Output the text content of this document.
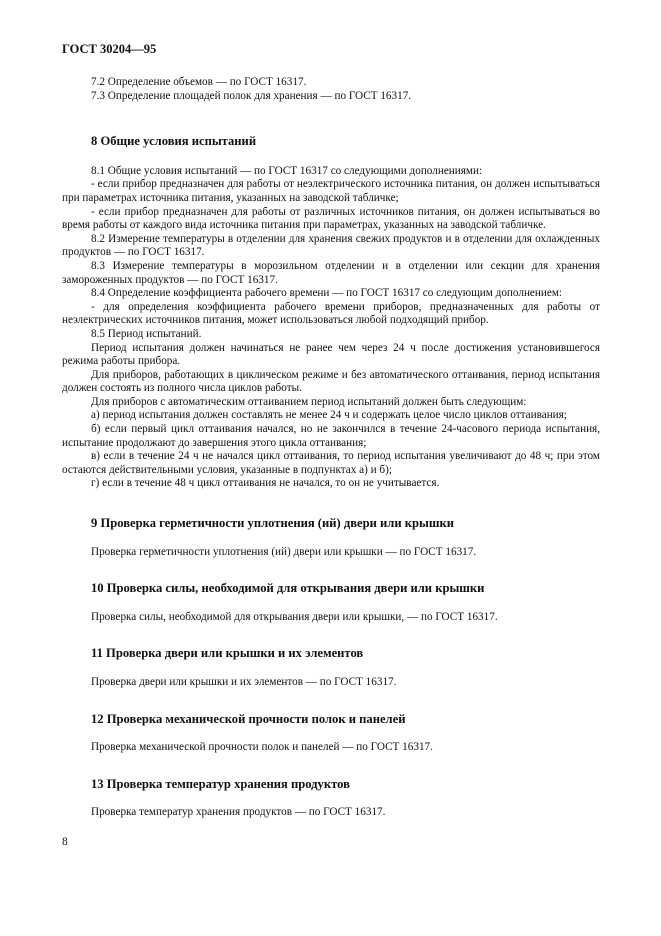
ГОСТ 30204—95

7.2 Определение объемов — по ГОСТ 16317.

7.3 Определение площадей полок для хранения — по ГОСТ 16317.

8 Общие условия испытаний

8.1 Общие условия испытаний — по ГОСТ 16317 со следующими дополнениями:

- если прибор предназначен для работы от неэлектрического источника питания, он должен испытываться при параметрах источника питания, указанных на заводской табличке;

- если прибор предназначен для работы от различных источников питания, он должен испытываться во время работы от каждого вида источника питания при параметрах, указанных на заводской табличке.

8.2 Измерение температуры в отделении для хранения свежих продуктов и в отделении для охлажденных продуктов — по ГОСТ 16317.

8.3 Измерение температуры в морозильном отделении и в отделении или секции для хранения замороженных продуктов — по ГОСТ 16317.

8.4 Определение коэффициента рабочего времени — по ГОСТ 16317 со следующим дополнением:

- для определения коэффициента рабочего времени приборов, предназначенных для работы от неэлектрических источников питания, может использоваться любой подходящий прибор.

8.5 Период испытаний.

Период испытания должен начинаться не ранее чем через 24 ч после достижения установившегося режима работы прибора.

Для приборов, работающих в циклическом режиме и без автоматического оттаивания, период испытания должен состоять из полного числа циклов работы.

Для приборов с автоматическим оттаиванием период испытаний должен быть следующим:

а) период испытания должен составлять не менее 24 ч и содержать целое число циклов оттаивания;

б) если первый цикл оттаивания начался, но не закончился в течение 24-часового периода испытания, испытание продолжают до завершения этого цикла оттаивания;

в) если в течение 24 ч не начался цикл оттаивания, то период испытания увеличивают до 48 ч; при этом остаются действительными условия, указанные в подпунктах а) и б);

г) если в течение 48 ч цикл оттаивания не начался, то он не учитывается.

9 Проверка герметичности уплотнения (ий) двери или крышки

Проверка герметичности уплотнения (ий) двери или крышки — по ГОСТ 16317.

10 Проверка силы, необходимой для открывания двери или крышки

Проверка силы, необходимой для открывания двери или крышки, — по ГОСТ 16317.

11 Проверка двери или крышки и их элементов

Проверка двери или крышки и их элементов — по ГОСТ 16317.

12 Проверка механической прочности полок и панелей

Проверка механической прочности полок и панелей — по ГОСТ 16317.

13 Проверка температур хранения продуктов

Проверка температур хранения продуктов — по ГОСТ 16317.

8
